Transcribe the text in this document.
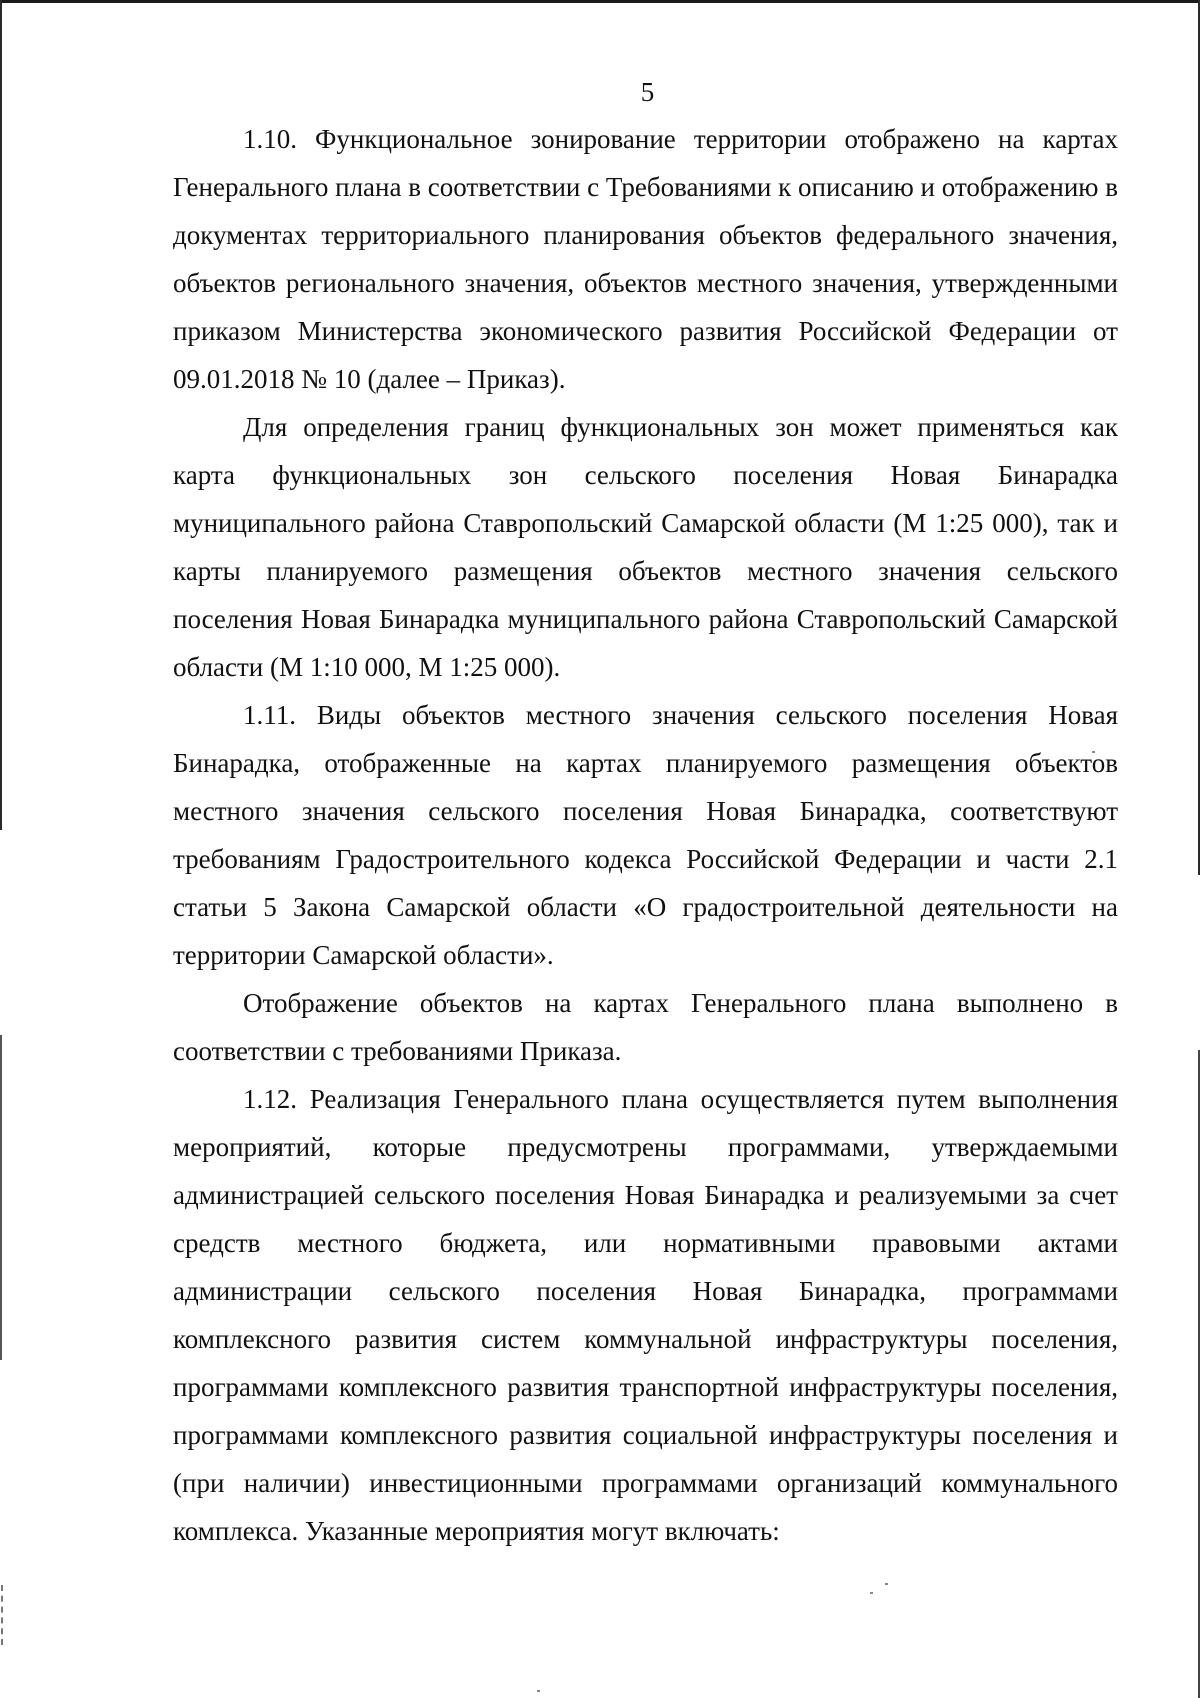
5

1.10. Функциональное зонирование территории отображено на картах Генерального плана в соответствии с Требованиями к описанию и отображению в документах территориального планирования объектов федерального значения, объектов регионального значения, объектов местного значения, утвержденными приказом Министерства экономического развития Российской Федерации от 09.01.2018 № 10 (далее – Приказ).

Для определения границ функциональных зон может применяться как карта функциональных зон сельского поселения Новая Бинарадка муниципального района Ставропольский Самарской области (М 1:25 000), так и карты планируемого размещения объектов местного значения сельского поселения Новая Бинарадка муниципального района Ставропольский Самарской области (М 1:10 000, М 1:25 000).

1.11. Виды объектов местного значения сельского поселения Новая Бинарадка, отображенные на картах планируемого размещения объектов местного значения сельского поселения Новая Бинарадка, соответствуют требованиям Градостроительного кодекса Российской Федерации и части 2.1 статьи 5 Закона Самарской области «О градостроительной деятельности на территории Самарской области».

Отображение объектов на картах Генерального плана выполнено в соответствии с требованиями Приказа.

1.12. Реализация Генерального плана осуществляется путем выполнения мероприятий, которые предусмотрены программами, утверждаемыми администрацией сельского поселения Новая Бинарадка и реализуемыми за счет средств местного бюджета, или нормативными правовыми актами администрации сельского поселения Новая Бинарадка, программами комплексного развития систем коммунальной инфраструктуры поселения, программами комплексного развития транспортной инфраструктуры поселения, программами комплексного развития социальной инфраструктуры поселения и (при наличии) инвестиционными программами организаций коммунального комплекса. Указанные мероприятия могут включать:
